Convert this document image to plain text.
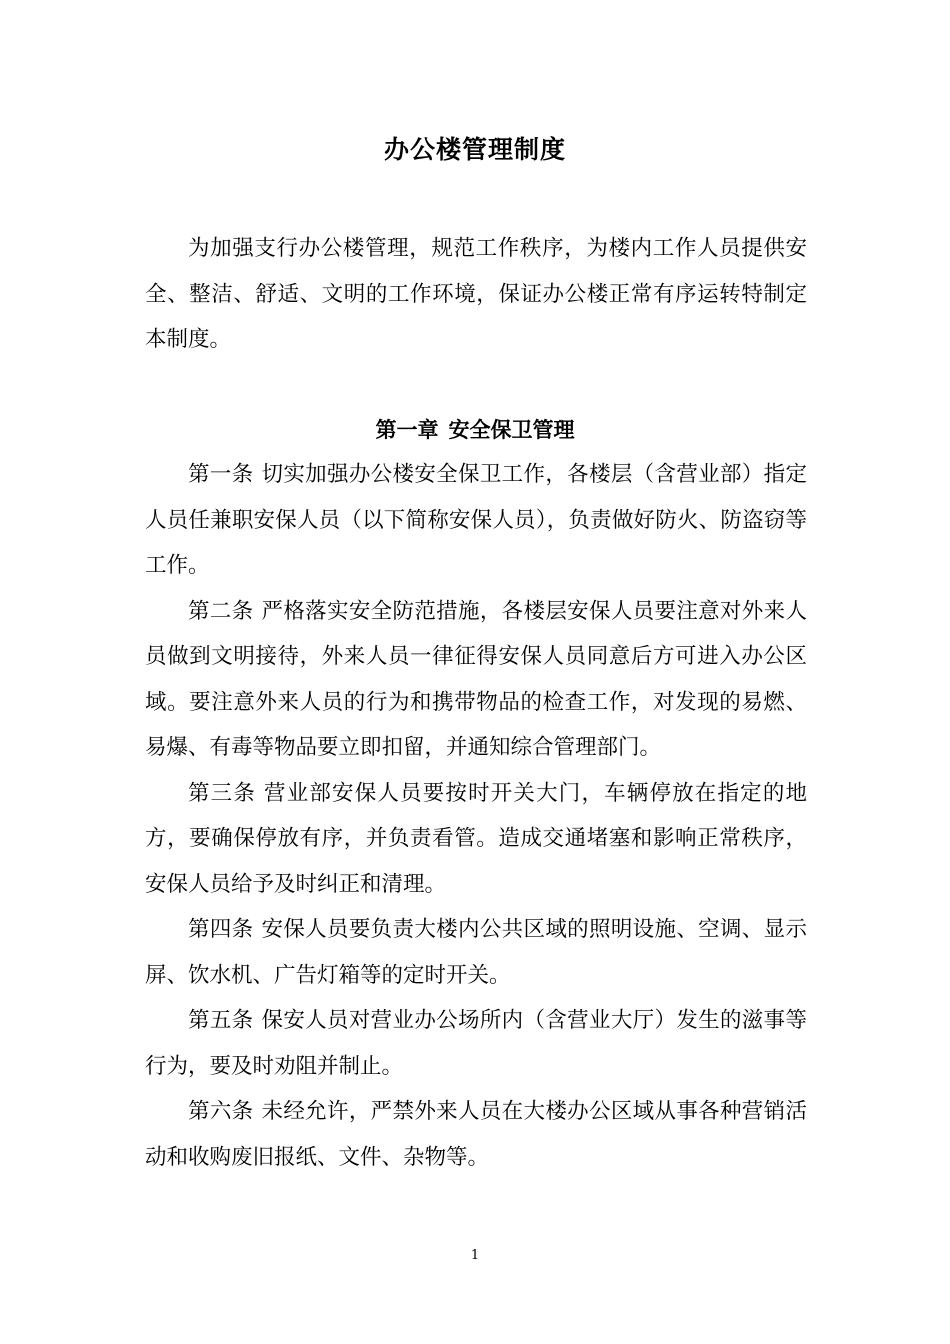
办公楼管理制度

为加强支行办公楼管理，规范工作秩序，为楼内工作人员提供安全、整洁、舒适、文明的工作环境，保证办公楼正常有序运转特制定本制度。

第一章 安全保卫管理

第一条 切实加强办公楼安全保卫工作，各楼层（含营业部）指定人员任兼职安保人员（以下简称安保人员），负责做好防火、防盗窃等工作。

第二条 严格落实安全防范措施，各楼层安保人员要注意对外来人员做到文明接待，外来人员一律征得安保人员同意后方可进入办公区域。要注意外来人员的行为和携带物品的检查工作，对发现的易燃、易爆、有毒等物品要立即扣留，并通知综合管理部门。

第三条 营业部安保人员要按时开关大门，车辆停放在指定的地方，要确保停放有序，并负责看管。造成交通堵塞和影响正常秩序，安保人员给予及时纠正和清理。

第四条 安保人员要负责大楼内公共区域的照明设施、空调、显示屏、饮水机、广告灯箱等的定时开关。

第五条 保安人员对营业办公场所内（含营业大厅）发生的滋事等行为，要及时劝阻并制止。

第六条 未经允许，严禁外来人员在大楼办公区域从事各种营销活动和收购废旧报纸、文件、杂物等。

1
